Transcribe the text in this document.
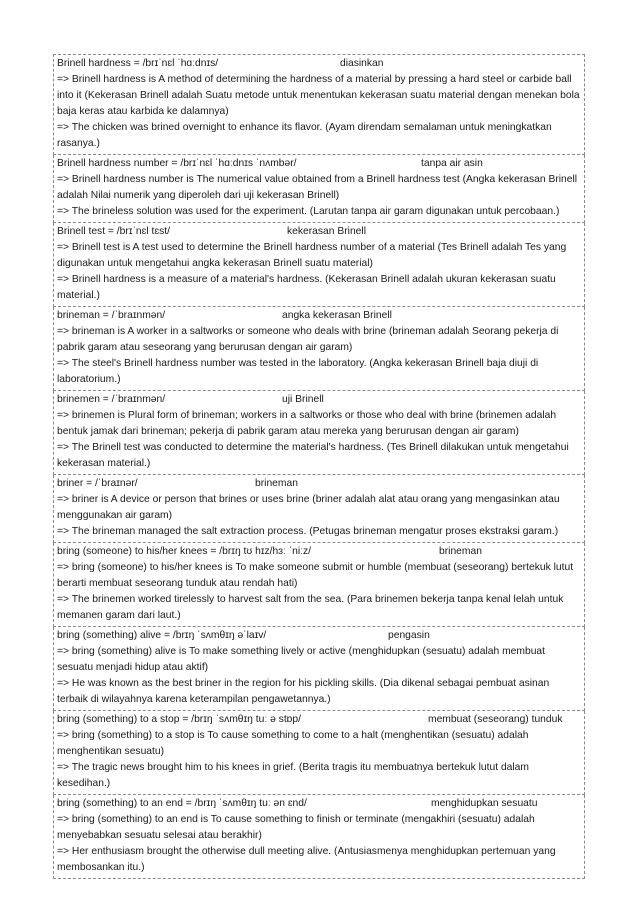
Brinell hardness = /brɪˈnɛl ˈhɑːdnɪs/	diasinkan
=> Brinell hardness is A method of determining the hardness of a material by pressing a hard steel or carbide ball into it (Kekerasan Brinell adalah Suatu metode untuk menentukan kekerasan suatu material dengan menekan bola baja keras atau karbida ke dalamnya)
=> The chicken was brined overnight to enhance its flavor. (Ayam direndam semalaman untuk meningkatkan rasanya.)
Brinell hardness number = /brɪˈnɛl ˈhɑːdnɪs ˈnʌmbər/	tanpa air asin
=> Brinell hardness number is The numerical value obtained from a Brinell hardness test (Angka kekerasan Brinell adalah Nilai numerik yang diperoleh dari uji kekerasan Brinell)
=> The brineless solution was used for the experiment. (Larutan tanpa air garam digunakan untuk percobaan.)
Brinell test = /brɪˈnɛl tɛst/	kekerasan Brinell
=> Brinell test is A test used to determine the Brinell hardness number of a material (Tes Brinell adalah Tes yang digunakan untuk mengetahui angka kekerasan Brinell suatu material)
=> Brinell hardness is a measure of a material's hardness. (Kekerasan Brinell adalah ukuran kekerasan suatu material.)
brineman = /ˈbraɪnmən/	angka kekerasan Brinell
=> brineman is A worker in a saltworks or someone who deals with brine (brineman adalah Seorang pekerja di pabrik garam atau seseorang yang berurusan dengan air garam)
=> The steel's Brinell hardness number was tested in the laboratory. (Angka kekerasan Brinell baja diuji di laboratorium.)
brinemen = /ˈbraɪnmən/	uji Brinell
=> brinemen is Plural form of brineman; workers in a saltworks or those who deal with brine (brinemen adalah bentuk jamak dari brineman; pekerja di pabrik garam atau mereka yang berurusan dengan air garam)
=> The Brinell test was conducted to determine the material's hardness. (Tes Brinell dilakukan untuk mengetahui kekerasan material.)
briner = /ˈbraɪnər/	brineman
=> briner is A device or person that brines or uses brine (briner adalah alat atau orang yang mengasinkan atau menggunakan air garam)
=> The brineman managed the salt extraction process. (Petugas brineman mengatur proses ekstraksi garam.)
bring (someone) to his/her knees = /brɪŋ tʊ hɪz/hɜː ˈniːz/	brineman
=> bring (someone) to his/her knees is To make someone submit or humble (membuat (seseorang) bertekuk lutut berarti membuat seseorang tunduk atau rendah hati)
=> The brinemen worked tirelessly to harvest salt from the sea. (Para brinemen bekerja tanpa kenal lelah untuk memanen garam dari laut.)
bring (something) alive = /brɪŋ ˈsʌmθɪŋ əˈlaɪv/	pengasin
=> bring (something) alive is To make something lively or active (menghidupkan (sesuatu) adalah membuat sesuatu menjadi hidup atau aktif)
=> He was known as the best briner in the region for his pickling skills. (Dia dikenal sebagai pembuat asinan terbaik di wilayahnya karena keterampilan pengawetannya.)
bring (something) to a stop = /brɪŋ ˈsʌmθɪŋ tuː ə stɒp/	membuat (seseorang) tunduk
=> bring (something) to a stop is To cause something to come to a halt (menghentikan (sesuatu) adalah menghentikan sesuatu)
=> The tragic news brought him to his knees in grief. (Berita tragis itu membuatnya bertekuk lutut dalam kesedihan.)
bring (something) to an end = /brɪŋ ˈsʌmθɪŋ tuː ən ɛnd/	menghidupkan sesuatu
=> bring (something) to an end is To cause something to finish or terminate (mengakhiri (sesuatu) adalah menyebabkan sesuatu selesai atau berakhir)
=> Her enthusiasm brought the otherwise dull meeting alive. (Antusiasmenya menghidupkan pertemuan yang membosankan itu.)
